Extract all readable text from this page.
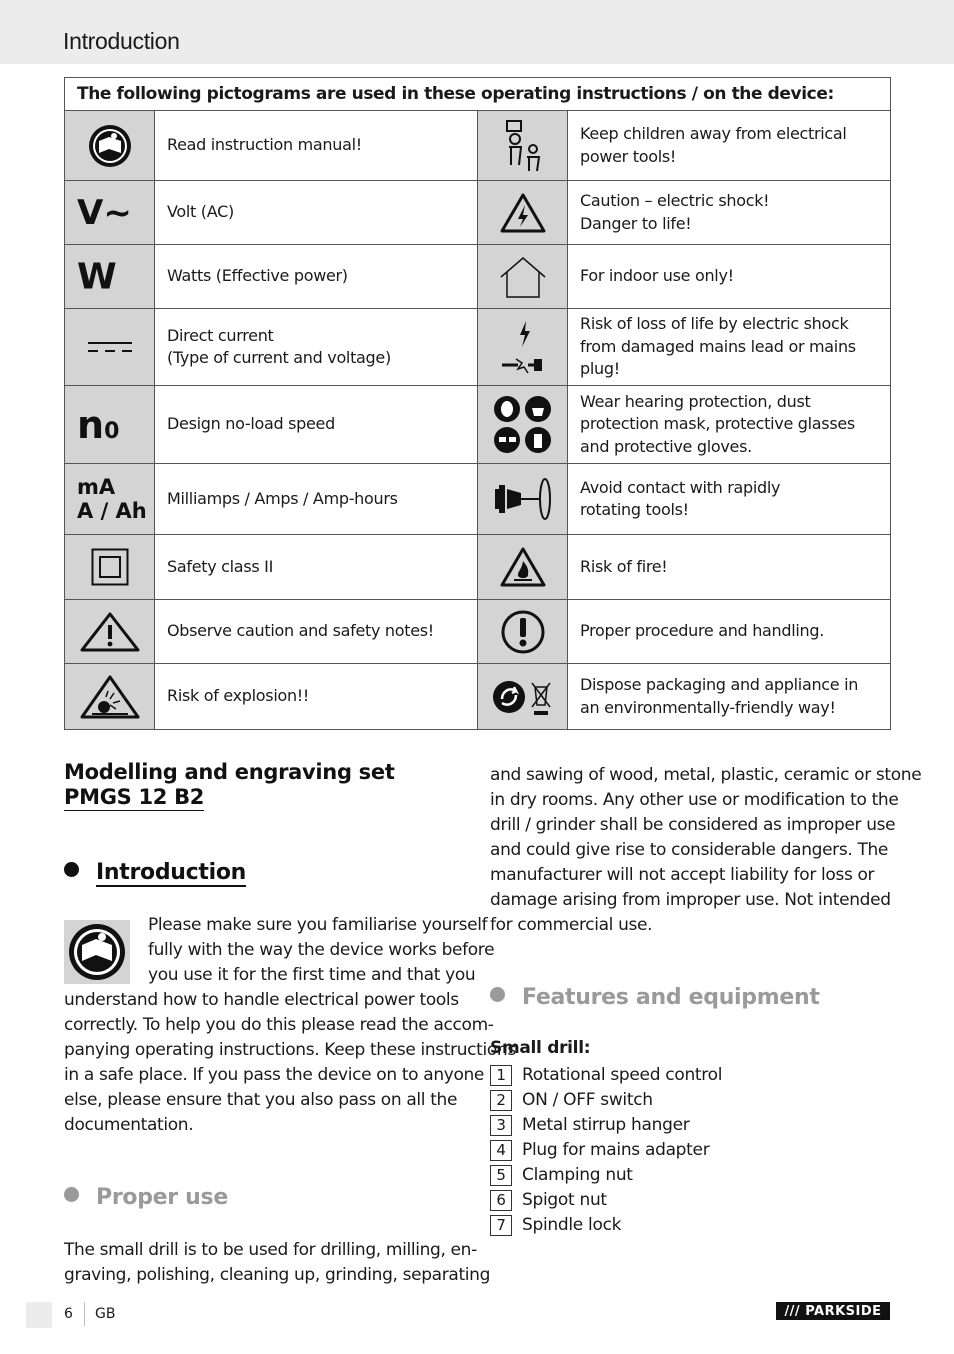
Introduction
The following pictograms are used in these operating instructions / on the device:			

	Read instruction manual!		Keep children away from electrical
power tools!

V~	Volt (AC)		Caution – electric shock!
Danger to life!

W	Watts (Effective power)		For indoor use only!

	Direct current
(Type of current and voltage)		Risk of loss of life by electric shock
from damaged mains lead or mains
plug!

n0	Design no-load speed		Wear hearing protection, dust
protection mask, protective glasses
and protective gloves.

mA
A / Ah	Milliamps / Amps / Amp-hours		Avoid contact with rapidly
rotating tools!

	Safety class II		Risk of fire!

	Observe caution and safety notes!		Proper procedure and handling.

	Risk of explosion!!		Dispose packaging and appliance in
an environmentally-friendly way!
Modelling and engraving set
PMGS 12 B2
Introduction
Please make sure you familiarise yourself
fully with the way the device works before
you use it for the first time and that you
understand how to handle electrical power tools
correctly. To help you do this please read the accom-
panying operating instructions. Keep these instructions
in a safe place. If you pass the device on to anyone
else, please ensure that you also pass on all the
documentation.
Proper use
The small drill is to be used for drilling, milling, en-
graving, polishing, cleaning up, grinding, separating
and sawing of wood, metal, plastic, ceramic or stone
in dry rooms. Any other use or modification to the
drill / grinder shall be considered as improper use
and could give rise to considerable dangers. The
manufacturer will not accept liability for loss or
damage arising from improper use. Not intended
for commercial use.
Features and equipment
Small drill:
1 Rotational speed control
2 ON / OFF switch
3 Metal stirrup hanger
4 Plug for mains adapter
5 Clamping nut
6 Spigot nut
7 Spindle lock
6 GB	/// PARKSIDE
